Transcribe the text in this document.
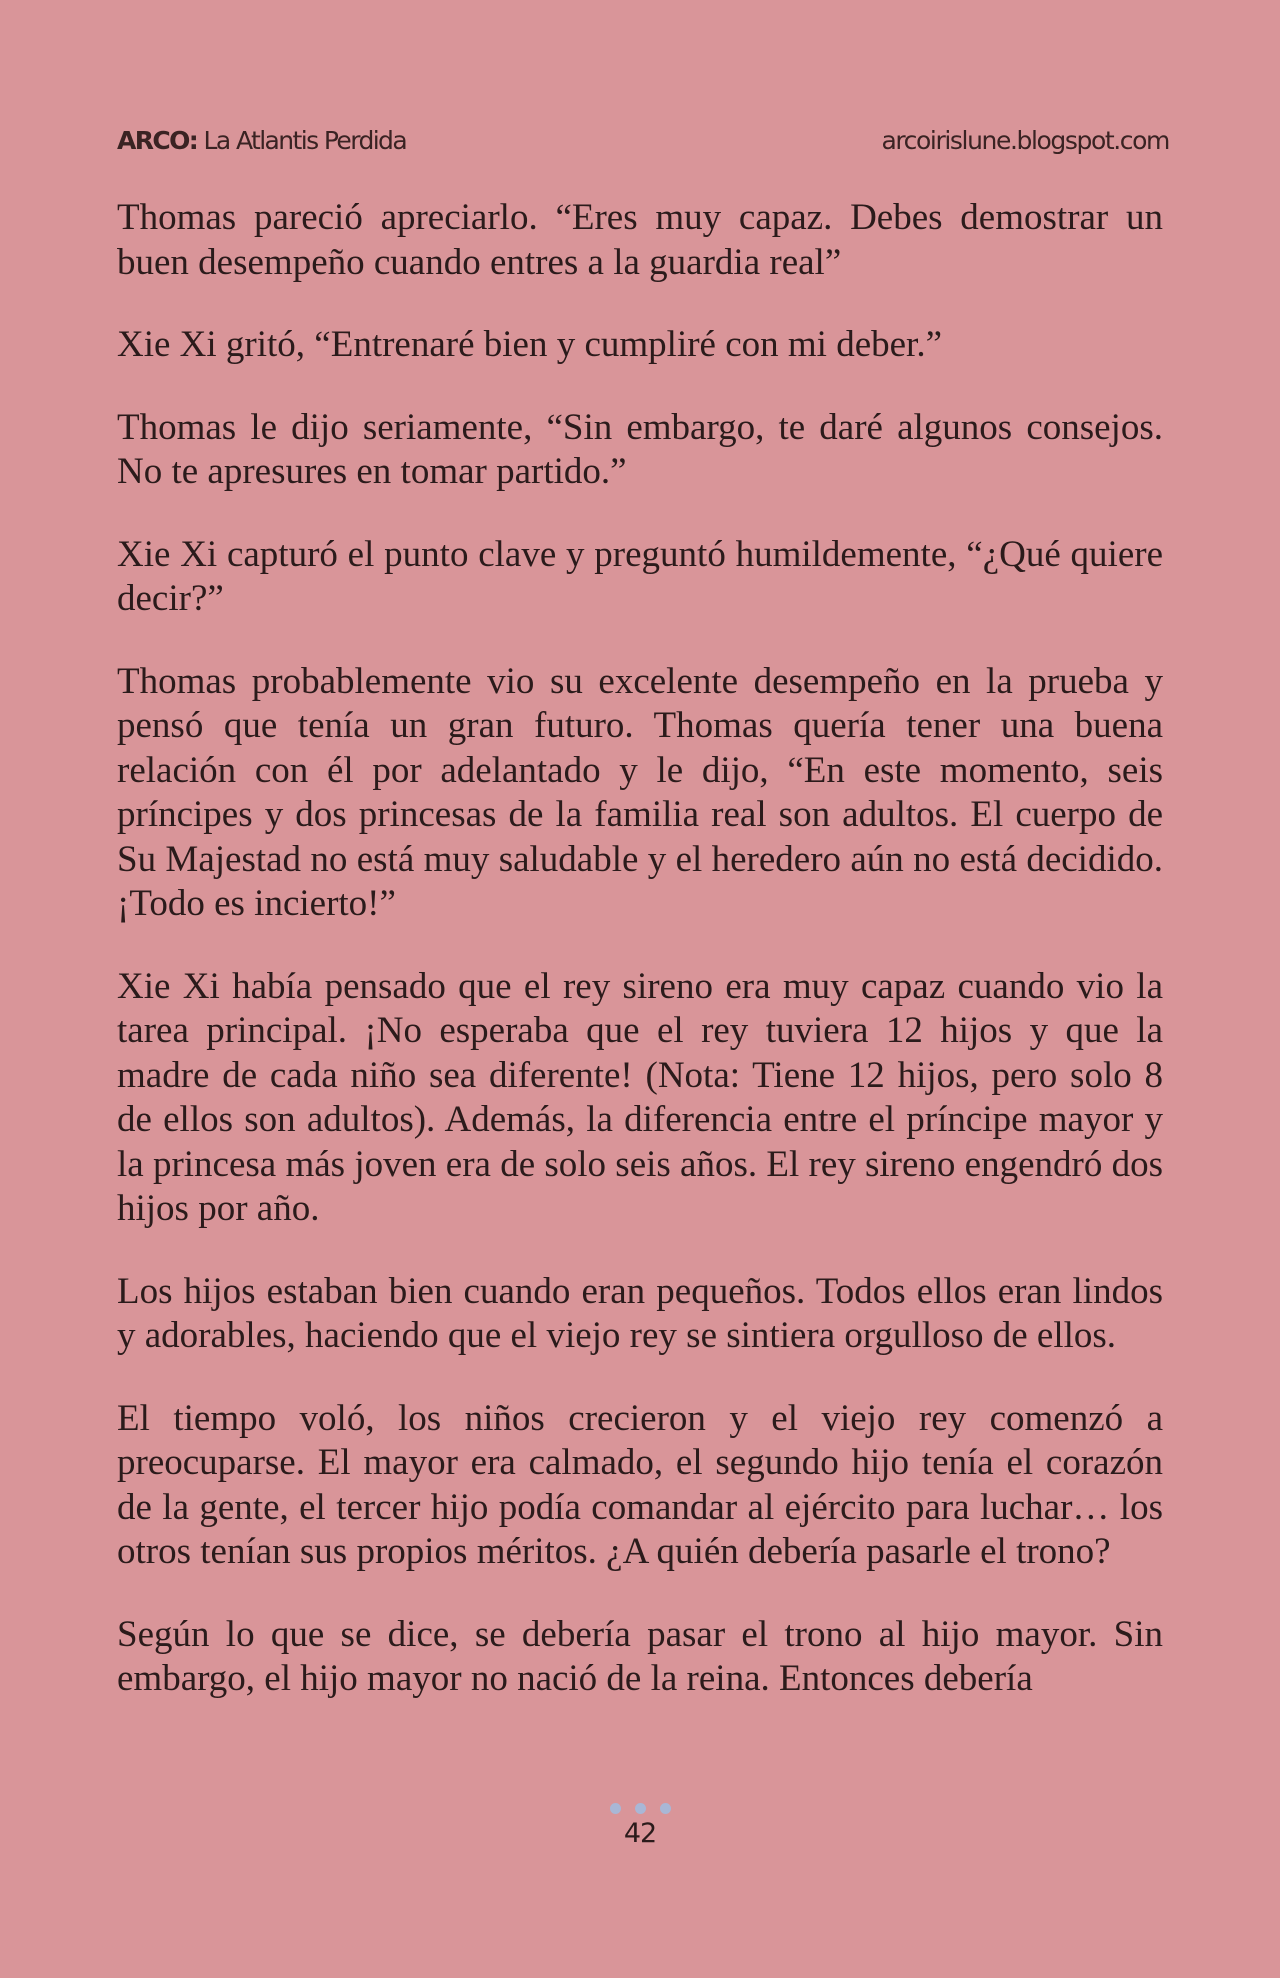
ARCO: La Atlantis Perdida	arcoirislune.blogspot.com

Thomas pareció apreciarlo. “Eres muy capaz. Debes demostrar un buen desempeño cuando entres a la guardia real”

Xie Xi gritó, “Entrenaré bien y cumpliré con mi deber.”

Thomas le dijo seriamente, “Sin embargo, te daré algunos consejos. No te apresures en tomar partido.”

Xie Xi capturó el punto clave y preguntó humildemente, “¿Qué quiere decir?”

Thomas probablemente vio su excelente desempeño en la prueba y pensó que tenía un gran futuro. Thomas quería tener una buena relación con él por adelantado y le dijo, “En este momento, seis príncipes y dos princesas de la familia real son adultos. El cuerpo de Su Majestad no está muy saludable y el heredero aún no está decidido. ¡Todo es incierto!”

Xie Xi había pensado que el rey sireno era muy capaz cuando vio la tarea principal. ¡No esperaba que el rey tuviera 12 hijos y que la madre de cada niño sea diferente! (Nota: Tiene 12 hijos, pero solo 8 de ellos son adultos). Además, la diferencia entre el príncipe mayor y la princesa más joven era de solo seis años. El rey sireno engendró dos hijos por año.

Los hijos estaban bien cuando eran pequeños. Todos ellos eran lindos y adorables, haciendo que el viejo rey se sintiera orgulloso de ellos.

El tiempo voló, los niños crecieron y el viejo rey comenzó a preocuparse. El mayor era calmado, el segundo hijo tenía el corazón de la gente, el tercer hijo podía comandar al ejército para luchar… los otros tenían sus propios méritos. ¿A quién debería pasarle el trono?

Según lo que se dice, se debería pasar el trono al hijo mayor. Sin embargo, el hijo mayor no nació de la reina. Entonces debería

42
